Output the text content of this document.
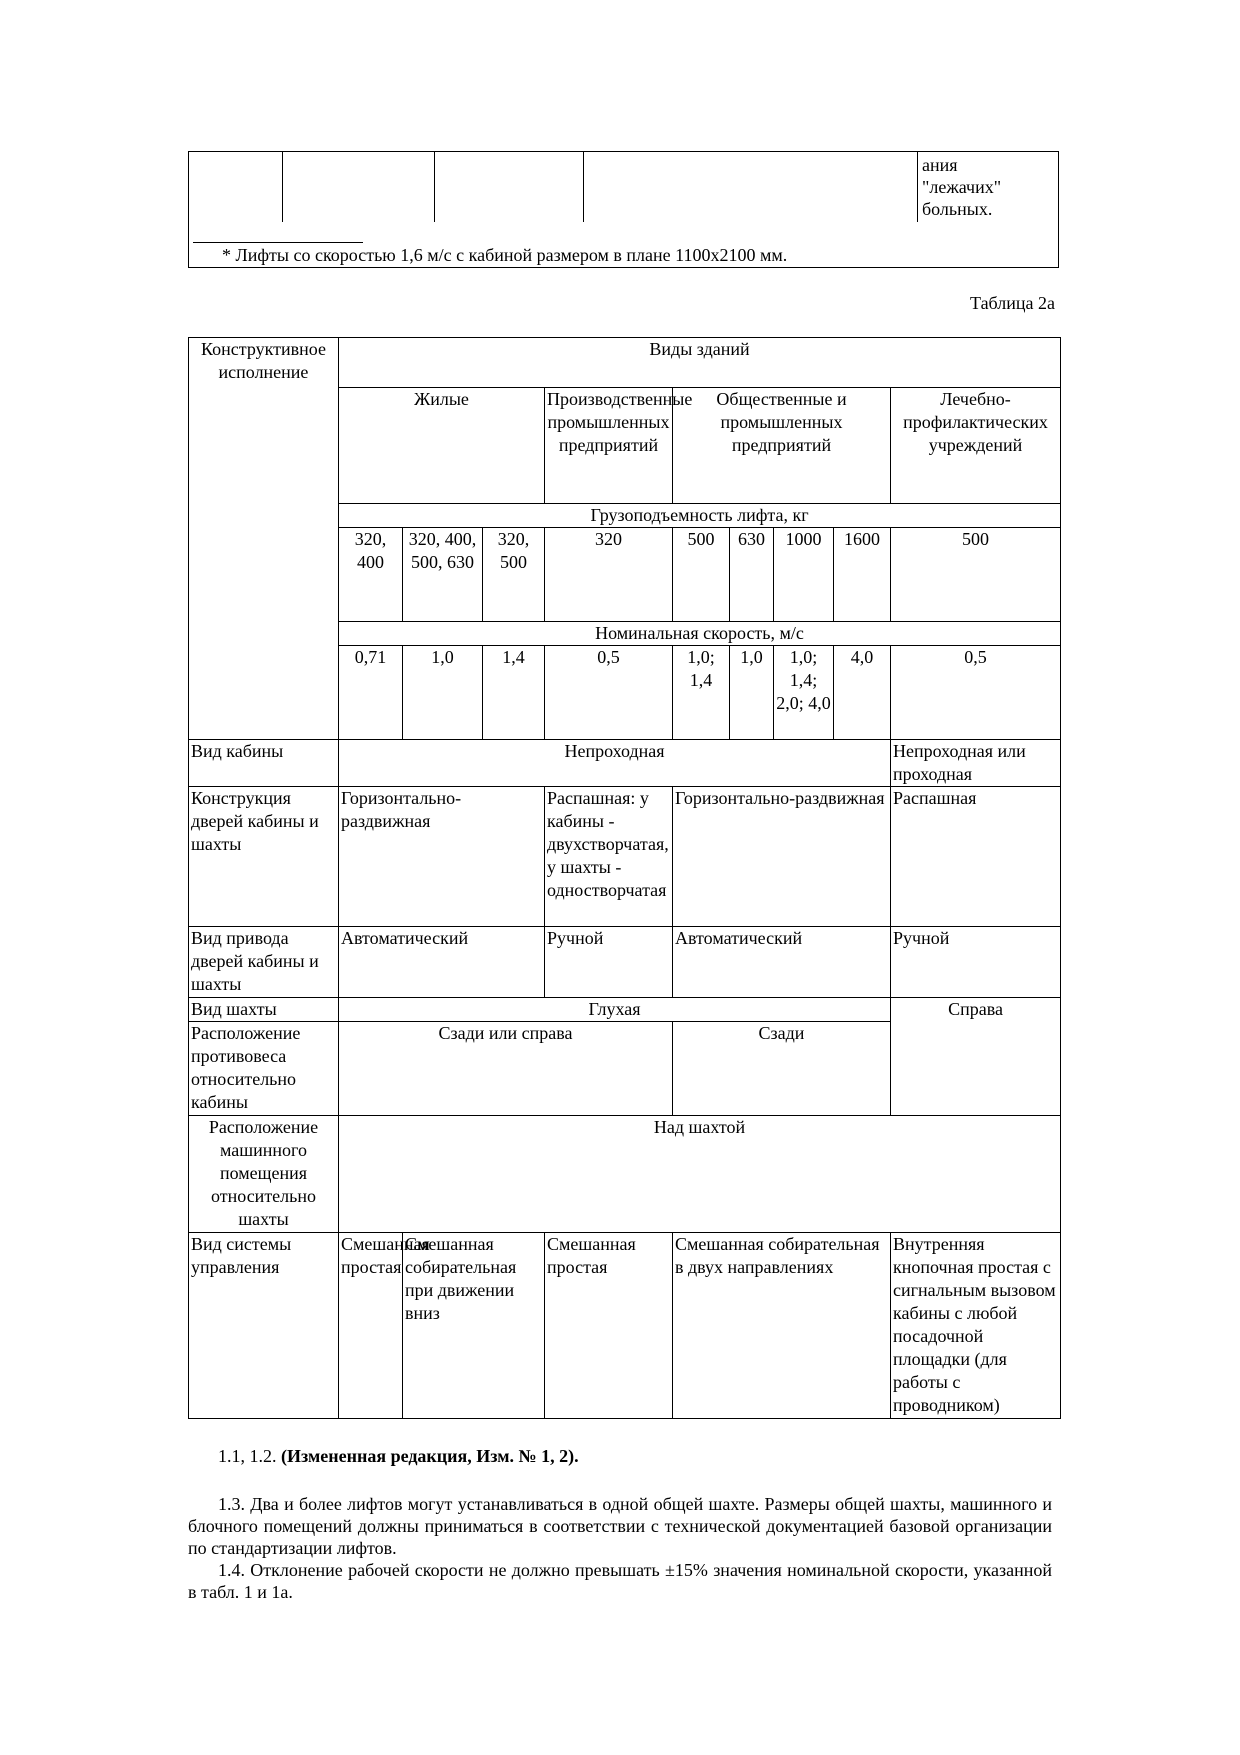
ания
"лежачих"
больных.
* Лифты со скоростью 1,6 м/с с кабиной размером в плане 1100х2100 мм.
Таблица 2а
Конструктивное исполнение	Виды зданий								
	Жилые			Производственные промышленных предприятий	Общественные и промышленных предприятий				Лечебно-профилактических учреждений
	Грузоподъемность лифта, кг								
	320, 400	320, 400, 500, 630	320, 500	320	500	630	1000	1600	500
	Номинальная скорость, м/с								
	0,71	1,0	1,4	0,5	1,0; 1,4	1,0	1,0; 1,4; 2,0; 4,0	4,0	0,5
Вид кабины	Непроходная								Непроходная или проходная
Конструкция дверей кабины и шахты	Горизонтально-раздвижная			Распашная: у кабины - двухстворчатая, у шахты - одностворчатая	Горизонтально-раздвижная				Распашная
Вид привода дверей кабины и шахты	Автоматический			Ручной	Автоматический				Ручной
Вид шахты	Глухая								Справа
Расположение противовеса относительно кабины	Сзади или справа				Сзади				
Расположение машинного помещения относительно шахты	Над шахтой								
Вид системы управления	Смешанная простая	Смешанная собирательная при движении вниз		Смешанная простая	Смешанная собирательная в двух направлениях				Внутренняя кнопочная простая с сигнальным вызовом кабины с любой посадочной площадки (для работы с проводником)
1.1, 1.2. (Измененная редакция, Изм. № 1, 2).
1.3. Два и более лифтов могут устанавливаться в одной общей шахте. Размеры общей шахты, машинного и блочного помещений должны приниматься в соответствии с технической документацией базовой организации по стандартизации лифтов.
1.4. Отклонение рабочей скорости не должно превышать ±15% значения номинальной скорости, указанной в табл. 1 и 1а.
